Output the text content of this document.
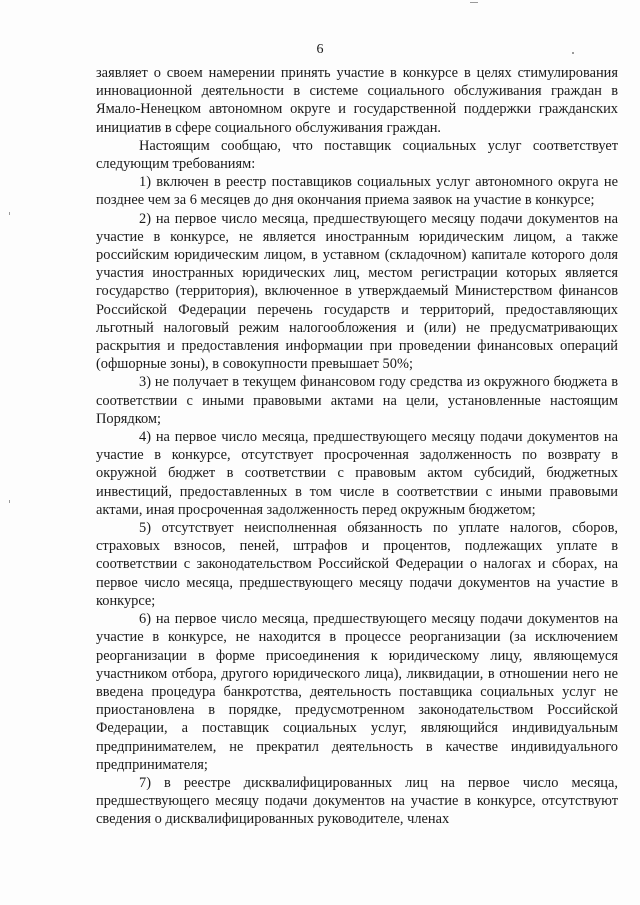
6

заявляет о своем намерении принять участие в конкурсе в целях стимулирования инновационной деятельности в системе социального обслуживания граждан в Ямало-Ненецком автономном округе и государственной поддержки гражданских инициатив в сфере социального обслуживания граждан.

Настоящим сообщаю, что поставщик социальных услуг соответствует следующим требованиям:

1) включен в реестр поставщиков социальных услуг автономного округа не позднее чем за 6 месяцев до дня окончания приема заявок на участие в конкурсе;

2) на первое число месяца, предшествующего месяцу подачи документов на участие в конкурсе, не является иностранным юридическим лицом, а также российским юридическим лицом, в уставном (складочном) капитале которого доля участия иностранных юридических лиц, местом регистрации которых является государство (территория), включенное в утверждаемый Министерством финансов Российской Федерации перечень государств и территорий, предоставляющих льготный налоговый режим налогообложения и (или) не предусматривающих раскрытия и предоставления информации при проведении финансовых операций (офшорные зоны), в совокупности превышает 50%;

3) не получает в текущем финансовом году средства из окружного бюджета в соответствии с иными правовыми актами на цели, установленные настоящим Порядком;

4) на первое число месяца, предшествующего месяцу подачи документов на участие в конкурсе, отсутствует просроченная задолженность по возврату в окружной бюджет в соответствии с правовым актом субсидий, бюджетных инвестиций, предоставленных в том числе в соответствии с иными правовыми актами, иная просроченная задолженность перед окружным бюджетом;

5) отсутствует неисполненная обязанность по уплате налогов, сборов, страховых взносов, пеней, штрафов и процентов, подлежащих уплате в соответствии с законодательством Российской Федерации о налогах и сборах, на первое число месяца, предшествующего месяцу подачи документов на участие в конкурсе;

6) на первое число месяца, предшествующего месяцу подачи документов на участие в конкурсе, не находится в процессе реорганизации (за исключением реорганизации в форме присоединения к юридическому лицу, являющемуся участником отбора, другого юридического лица), ликвидации, в отношении него не введена процедура банкротства, деятельность поставщика социальных услуг не приостановлена в порядке, предусмотренном законодательством Российской Федерации, а поставщик социальных услуг, являющийся индивидуальным предпринимателем, не прекратил деятельность в качестве индивидуального предпринимателя;

7) в реестре дисквалифицированных лиц на первое число месяца, предшествующего месяцу подачи документов на участие в конкурсе, отсутствуют сведения о дисквалифицированных руководителе, членах
